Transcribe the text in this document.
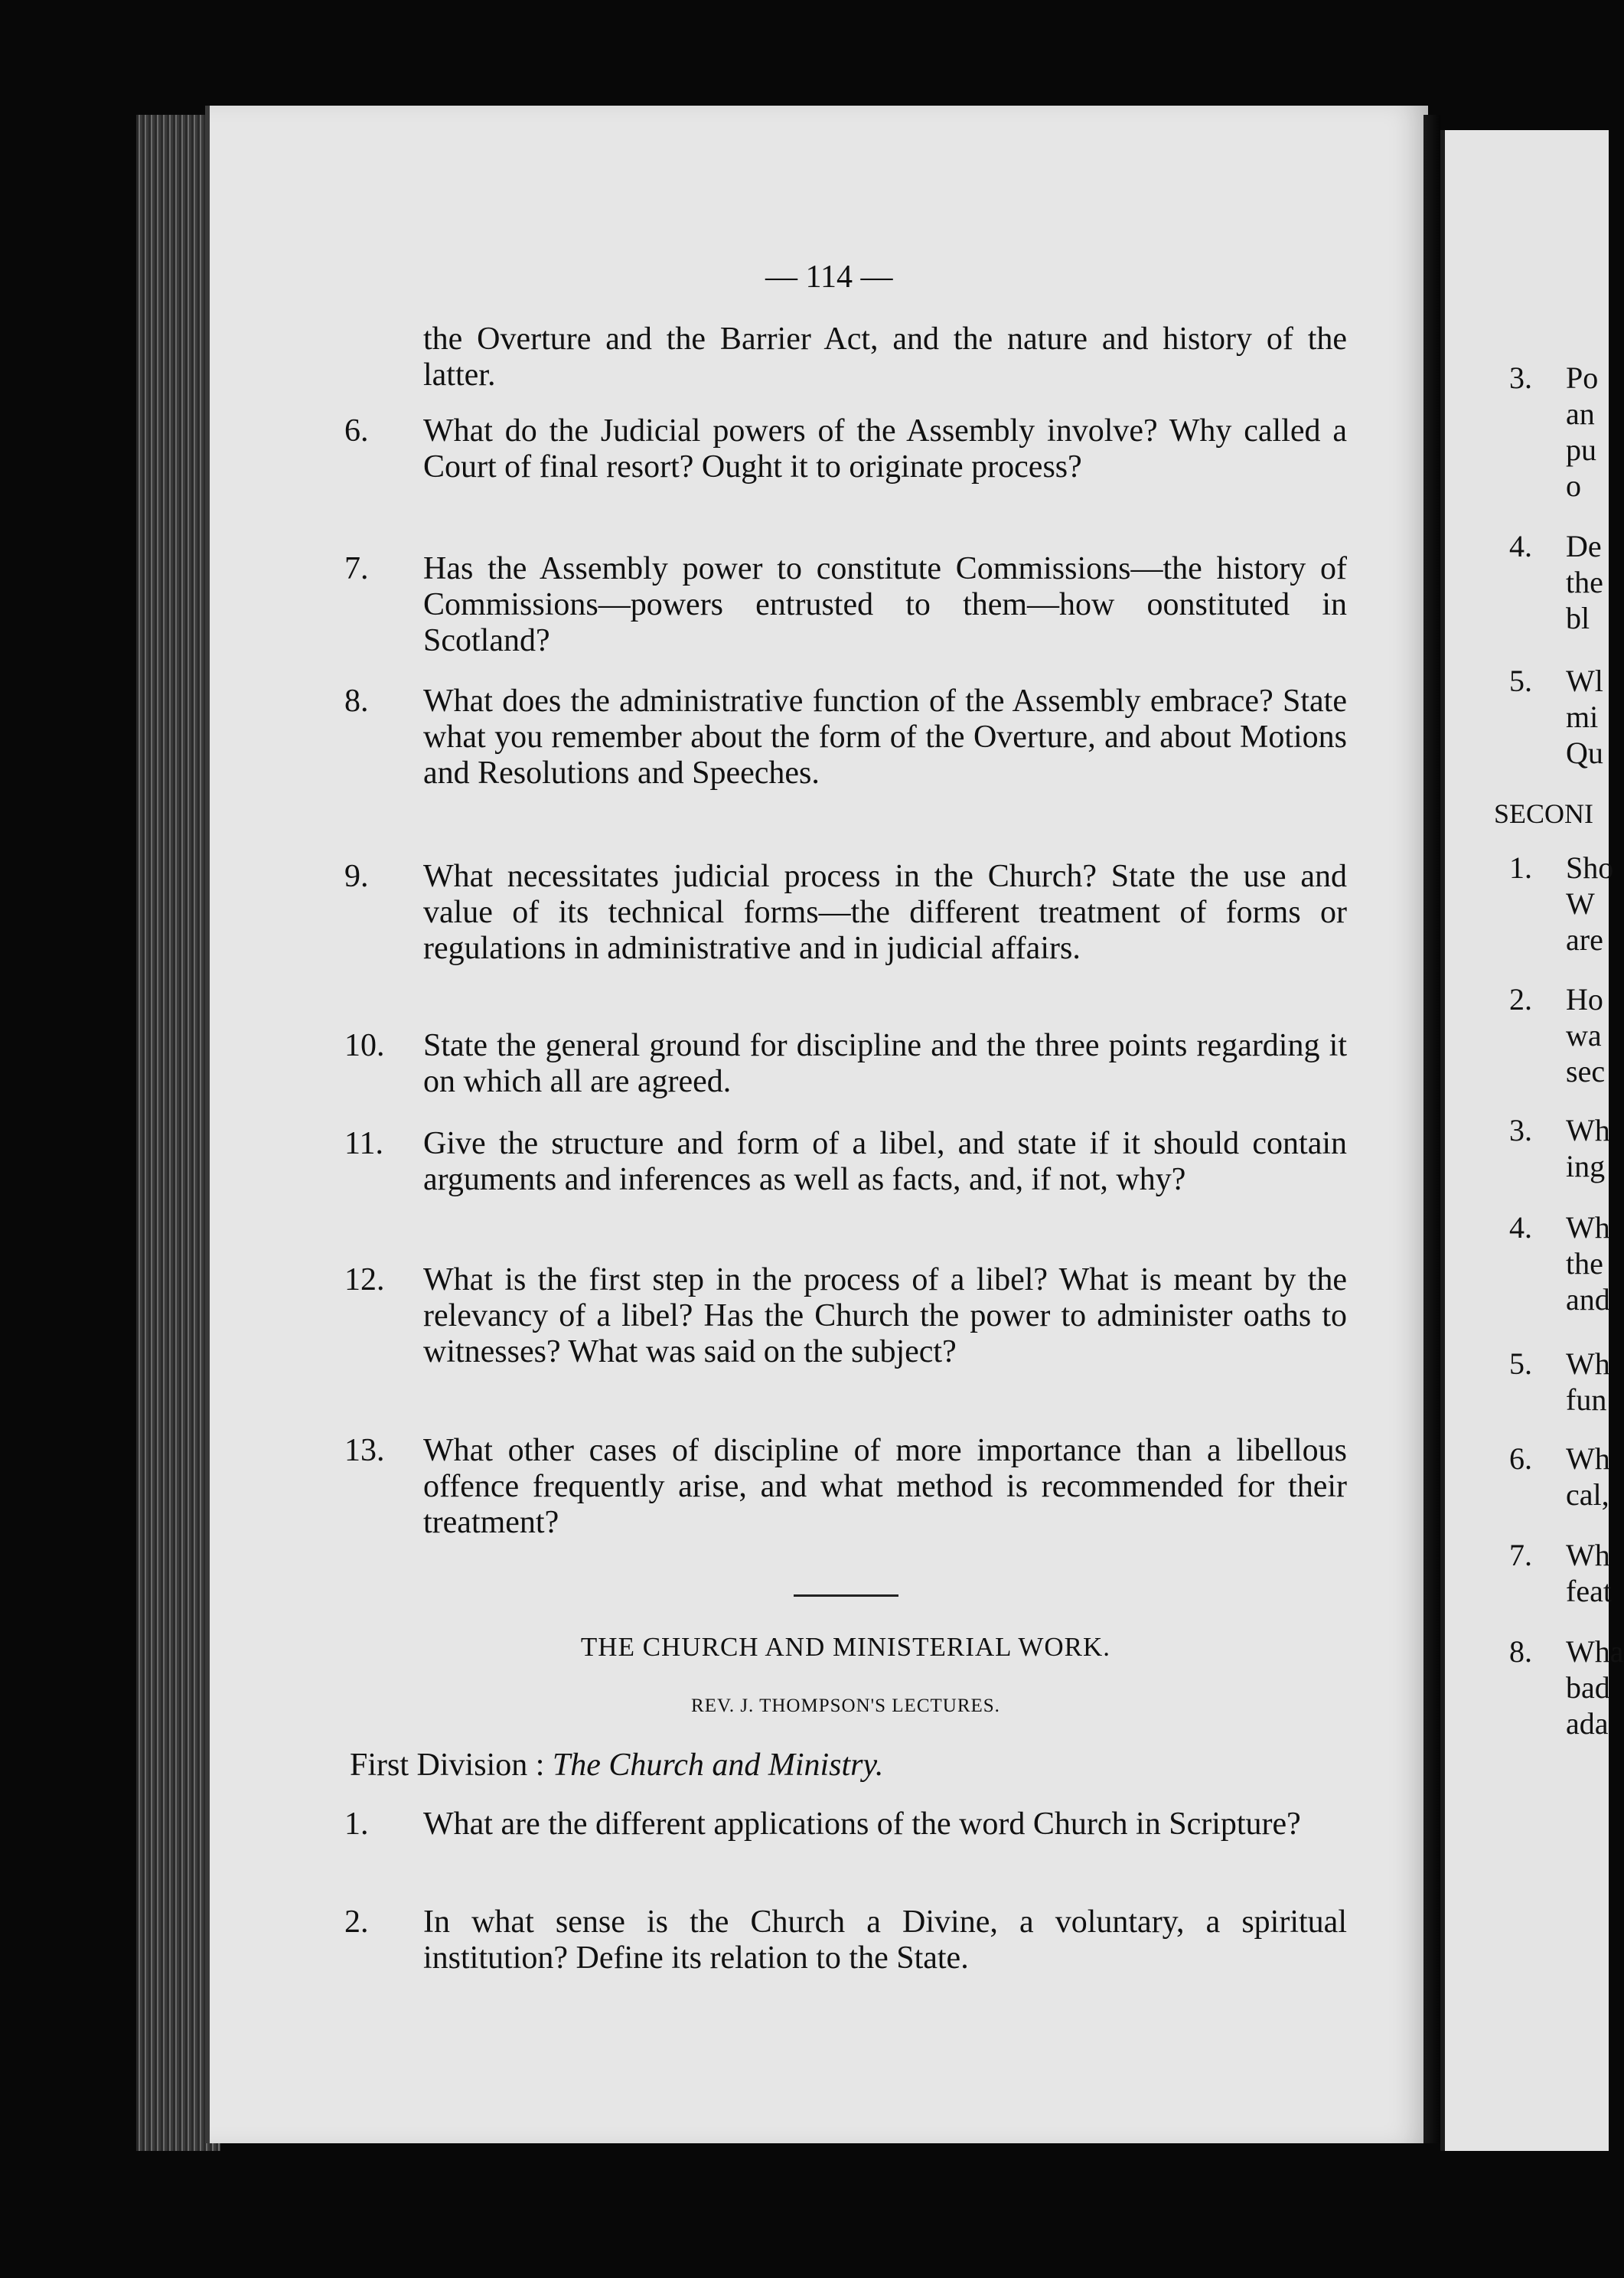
— 114 —
the Overture and the Barrier Act, and the nature and history of the latter.
6.	What do the Judicial powers of the Assembly involve? Why called a Court of final resort? Ought it to originate process?
7.	Has the Assembly power to constitute Commissions—the history of Commissions—powers entrusted to them—how oonstituted in Scotland?
8.	What does the administrative function of the Assembly embrace? State what you remember about the form of the Overture, and about Motions and Resolutions and Speeches.
9.	What necessitates judicial process in the Church? State the use and value of its technical forms—the different treatment of forms or regulations in administrative and in judicial affairs.
10.	State the general ground for discipline and the three points regarding it on which all are agreed.
11.	Give the structure and form of a libel, and state if it should contain arguments and inferences as well as facts, and, if not, why?
12.	What is the first step in the process of a libel? What is meant by the relevancy of a libel? Has the Church the power to administer oaths to witnesses? What was said on the subject?
13.	What other cases of discipline of more importance than a libellous offence frequently arise, and what method is recommended for their treatment?
THE CHURCH AND MINISTERIAL WORK.
REV. J. THOMPSON'S LECTURES.
First Division : The Church and Ministry.
1.	What are the different applications of the word Church in Scripture?
2.	In what sense is the Church a Divine, a voluntary, a spiritual institution? Define its relation to the State.
3. Po
an
pu
o
4. De
the
bl
5. Wl
mi
Qu
SECONI
1. Sho
W
are
2. Ho
wa
sec
3. Wh
ing
4. Wh
the
and
5. Wh
fun
6. Wh
cal,
7. Wh
feat
8. Wha
bad
ada
